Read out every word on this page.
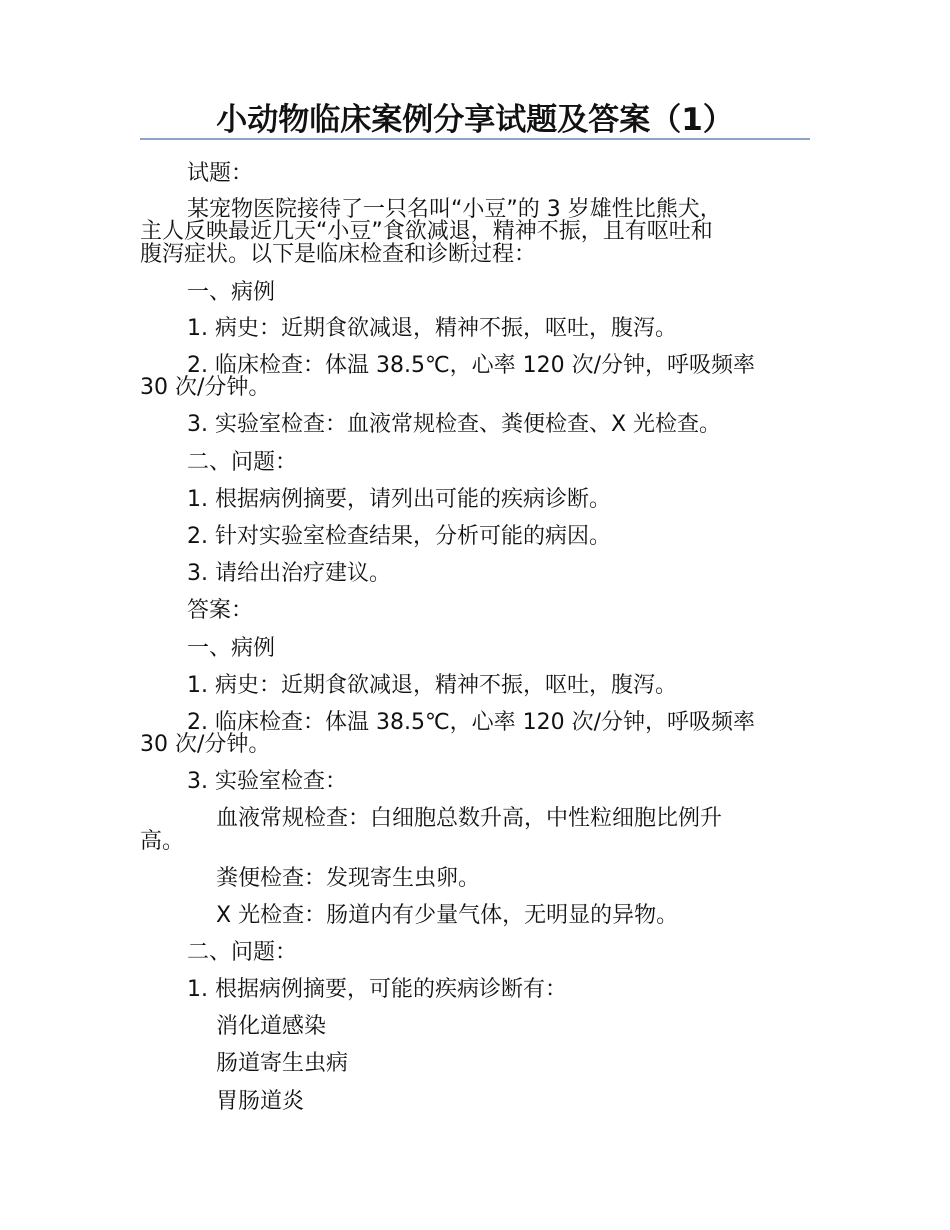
小动物临床案例分享试题及答案（1）
试题：
某宠物医院接待了一只名叫“小豆”的 3 岁雄性比熊犬，
主人反映最近几天“小豆”食欲减退，精神不振，且有呕吐和
腹泻症状。以下是临床检查和诊断过程：
一、病例
1. 病史：近期食欲减退，精神不振，呕吐，腹泻。
2. 临床检查：体温 38.5℃，心率 120 次/分钟，呼吸频率
30 次/分钟。
3. 实验室检查：血液常规检查、粪便检查、X 光检查。
二、问题：
1. 根据病例摘要，请列出可能的疾病诊断。
2. 针对实验室检查结果，分析可能的病因。
3. 请给出治疗建议。
答案：
一、病例
1. 病史：近期食欲减退，精神不振，呕吐，腹泻。
2. 临床检查：体温 38.5℃，心率 120 次/分钟，呼吸频率
30 次/分钟。
3. 实验室检查：
血液常规检查：白细胞总数升高，中性粒细胞比例升
高。
粪便检查：发现寄生虫卵。
X 光检查：肠道内有少量气体，无明显的异物。
二、问题：
1. 根据病例摘要，可能的疾病诊断有：
消化道感染
肠道寄生虫病
胃肠道炎
